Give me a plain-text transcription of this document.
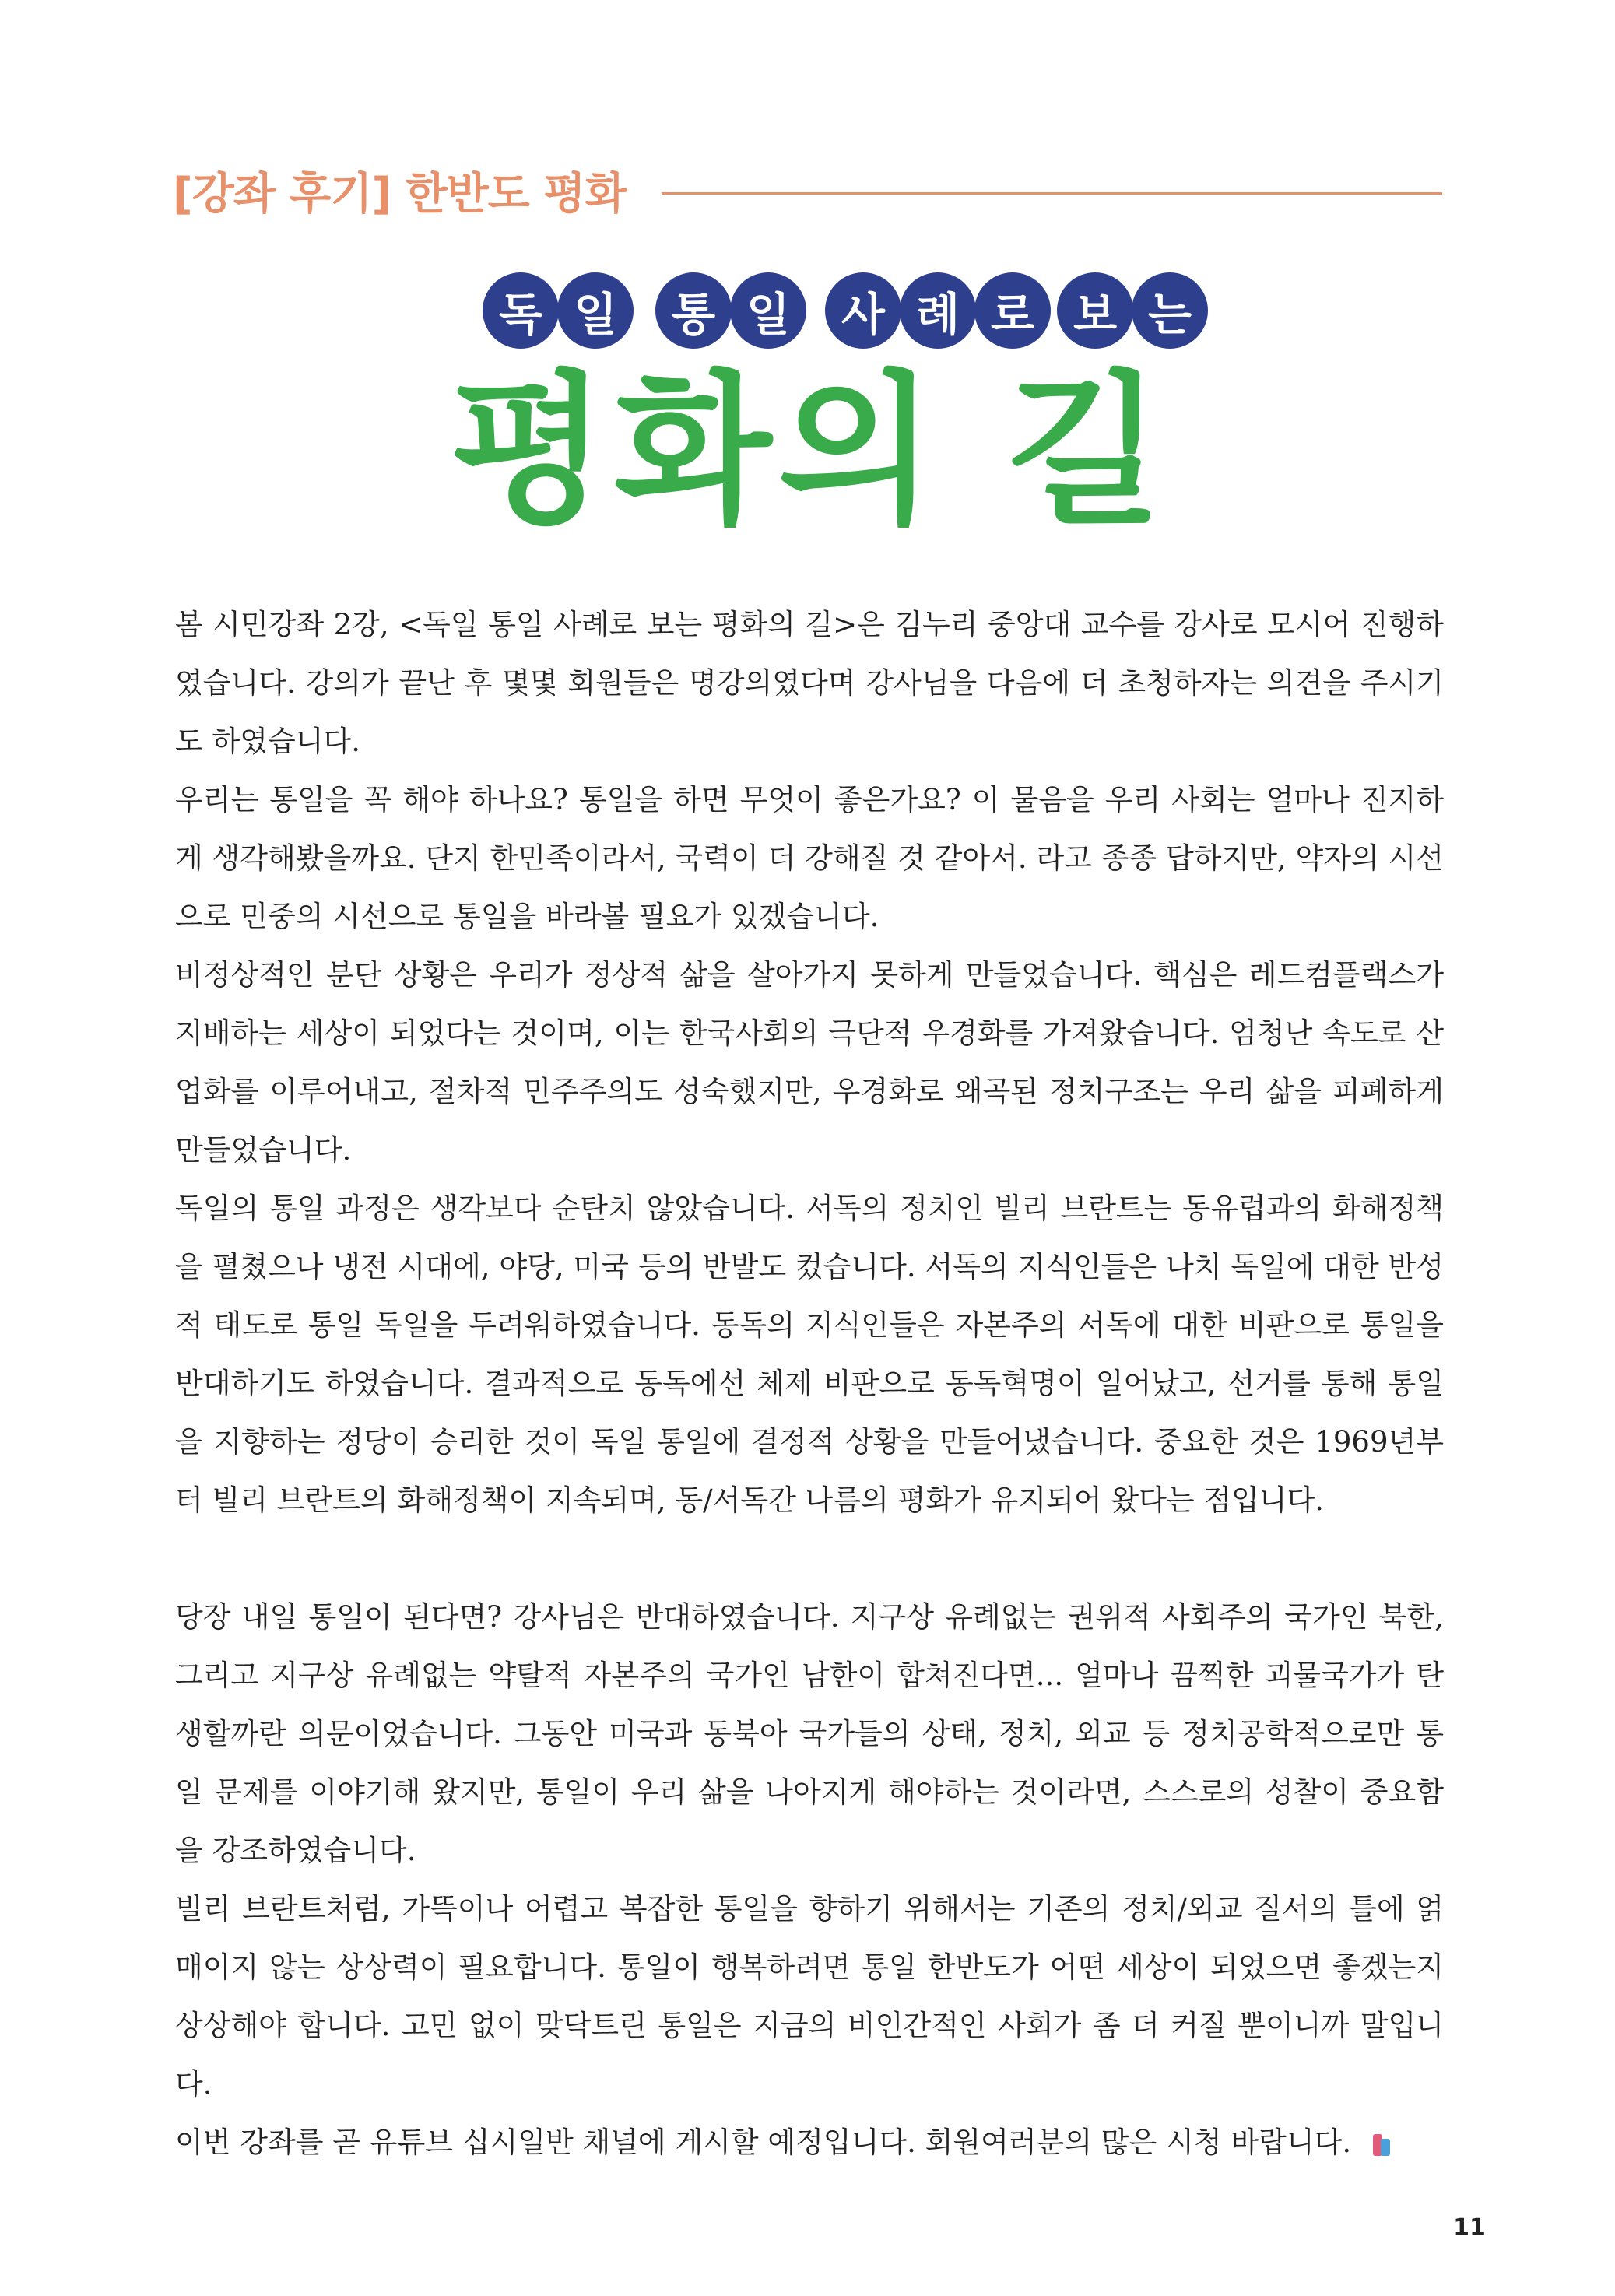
[강좌 후기] 한반도 평화
독 일	통 일	사 례 로 보 는
평화의 길

봄 시민강좌 2강, <독일 통일 사례로 보는 평화의 길>은 김누리 중앙대 교수를 강사로 모시어 진행하였습니다. 강의가 끝난 후 몇몇 회원들은 명강의였다며 강사님을 다음에 더 초청하자는 의견을 주시기도 하였습니다.

우리는 통일을 꼭 해야 하나요? 통일을 하면 무엇이 좋은가요? 이 물음을 우리 사회는 얼마나 진지하게 생각해봤을까요. 단지 한민족이라서, 국력이 더 강해질 것 같아서. 라고 종종 답하지만, 약자의 시선으로 민중의 시선으로 통일을 바라볼 필요가 있겠습니다.

비정상적인 분단 상황은 우리가 정상적 삶을 살아가지 못하게 만들었습니다. 핵심은 레드컴플랙스가 지배하는 세상이 되었다는 것이며, 이는 한국사회의 극단적 우경화를 가져왔습니다. 엄청난 속도로 산업화를 이루어내고, 절차적 민주주의도 성숙했지만, 우경화로 왜곡된 정치구조는 우리 삶을 피폐하게 만들었습니다.

독일의 통일 과정은 생각보다 순탄치 않았습니다. 서독의 정치인 빌리 브란트는 동유럽과의 화해정책을 펼쳤으나 냉전 시대에, 야당, 미국 등의 반발도 컸습니다. 서독의 지식인들은 나치 독일에 대한 반성적 태도로 통일 독일을 두려워하였습니다. 동독의 지식인들은 자본주의 서독에 대한 비판으로 통일을 반대하기도 하였습니다. 결과적으로 동독에선 체제 비판으로 동독혁명이 일어났고, 선거를 통해 통일을 지향하는 정당이 승리한 것이 독일 통일에 결정적 상황을 만들어냈습니다. 중요한 것은 1969년부터 빌리 브란트의 화해정책이 지속되며, 동/서독간 나름의 평화가 유지되어 왔다는 점입니다.

당장 내일 통일이 된다면? 강사님은 반대하였습니다. 지구상 유례없는 권위적 사회주의 국가인 북한, 그리고 지구상 유례없는 약탈적 자본주의 국가인 남한이 합쳐진다면... 얼마나 끔찍한 괴물국가가 탄생할까란 의문이었습니다. 그동안 미국과 동북아 국가들의 상태, 정치, 외교 등 정치공학적으로만 통일 문제를 이야기해 왔지만, 통일이 우리 삶을 나아지게 해야하는 것이라면, 스스로의 성찰이 중요함을 강조하였습니다.

빌리 브란트처럼, 가뜩이나 어렵고 복잡한 통일을 향하기 위해서는 기존의 정치/외교 질서의 틀에 얽매이지 않는 상상력이 필요합니다. 통일이 행복하려면 통일 한반도가 어떤 세상이 되었으면 좋겠는지 상상해야 합니다. 고민 없이 맞닥트린 통일은 지금의 비인간적인 사회가 좀 더 커질 뿐이니까 말입니다.

이번 강좌를 곧 유튜브 십시일반 채널에 게시할 예정입니다. 회원여러분의 많은 시청 바랍니다.

11
